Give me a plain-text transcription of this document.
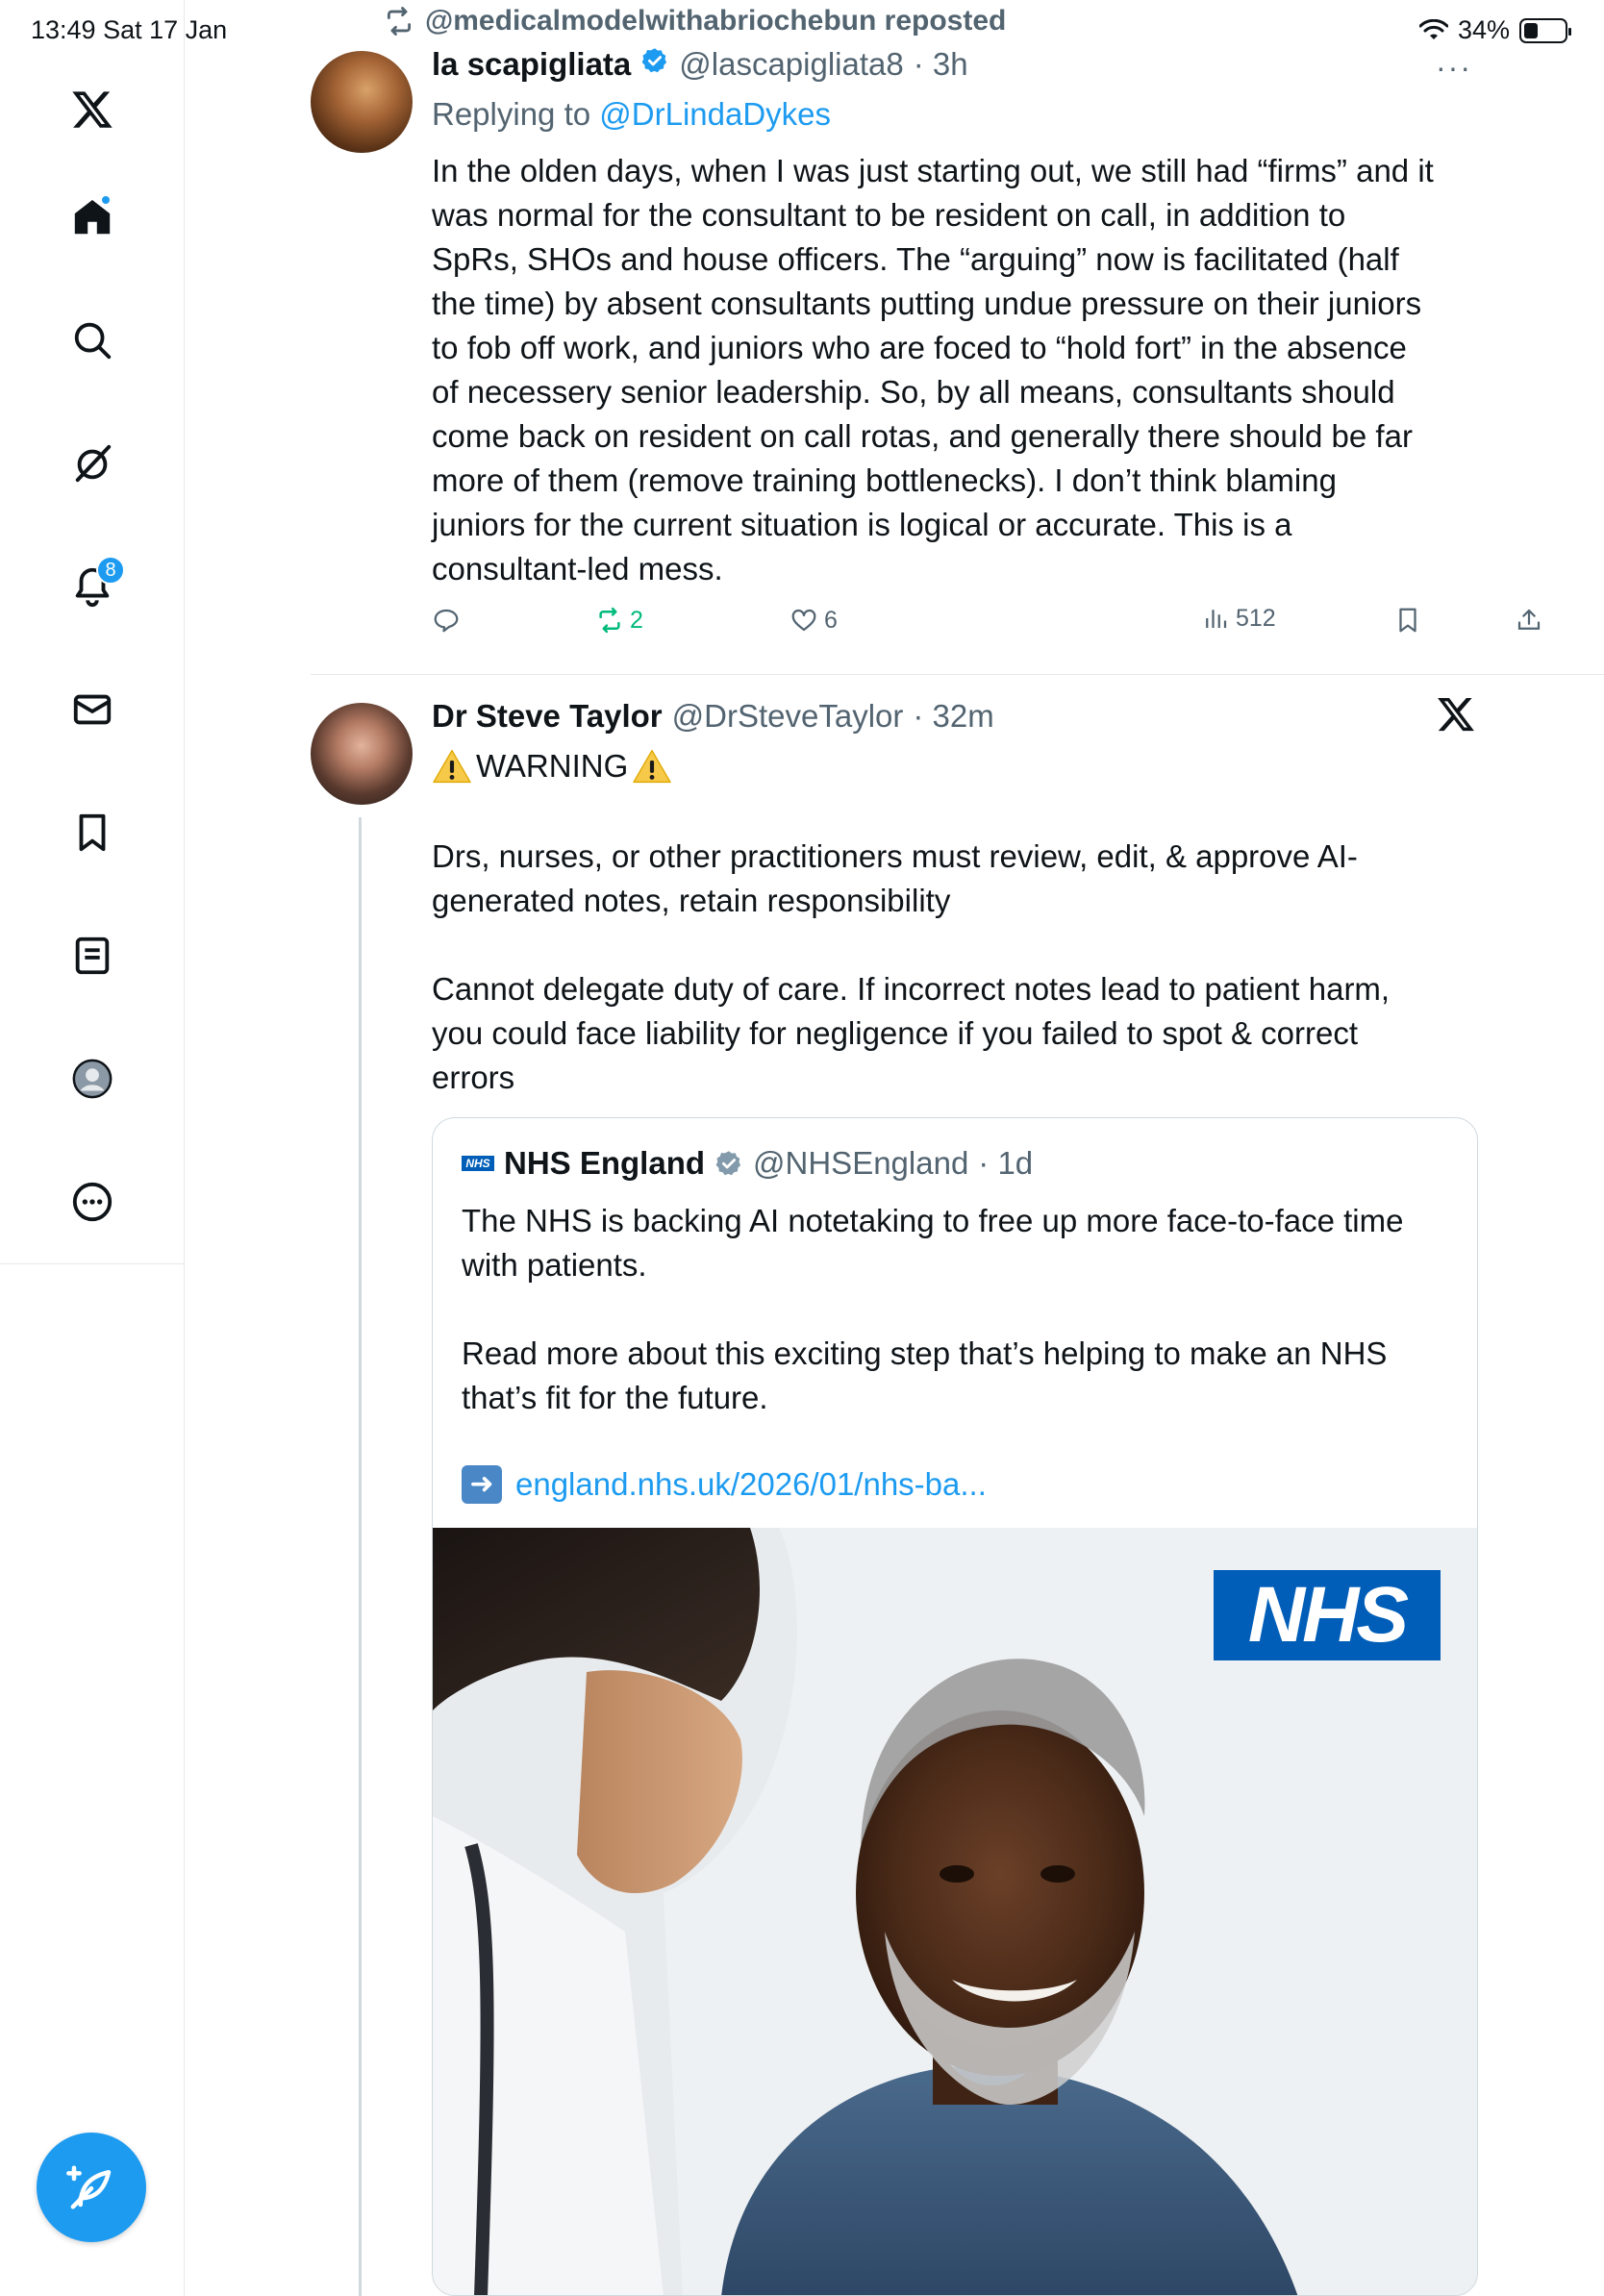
13:49 Sat 17 Jan	34%
8
@medicalmodelwithabriochebun reposted
la scapigliata @lascapigliata8 · 3h	···
Replying to @DrLindaDykes
In the olden days, when I was just starting out, we still had “firms” and it
was normal for the consultant to be resident on call, in addition to
SpRs, SHOs and house officers. The “arguing” now is facilitated (half
the time) by absent consultants putting undue pressure on their juniors
to fob off work, and juniors who are foced to “hold fort” in the absence
of necessery senior leadership. So, by all means, consultants should
come back on resident on call rotas, and generally there should be far
more of them (remove training bottlenecks). I don’t think blaming
juniors for the current situation is logical or accurate. This is a
consultant-led mess.
2	6	512
Dr Steve Taylor @DrSteveTaylor · 32m
WARNING
Drs, nurses, or other practitioners must review, edit, & approve AI-
generated notes, retain responsibility

Cannot delegate duty of care. If incorrect notes lead to patient harm,
you could face liability for negligence if you failed to spot & correct
errors
NHS NHS England @NHSEngland · 1d
The NHS is backing AI notetaking to free up more face-to-face time
with patients.

Read more about this exciting step that’s helping to make an NHS
that’s fit for the future.
➜ england.nhs.uk/2026/01/nhs-ba...
NHS
